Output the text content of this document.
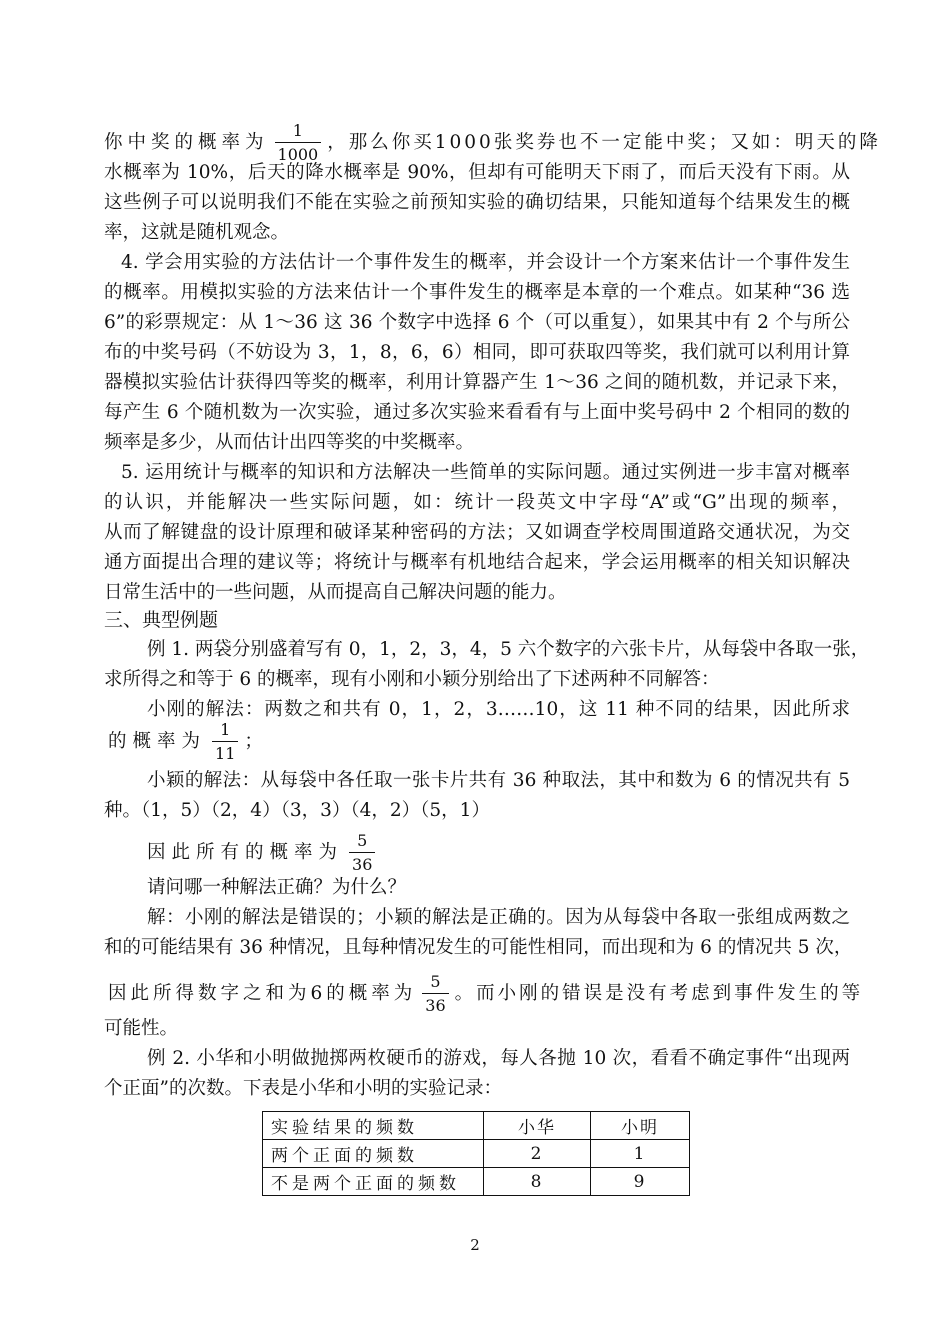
你中奖的概率为 $\frac{1}{1000}$ ，那么你买1000张奖券也不一定能中奖；又如：明天的降
水概率为 10%，后天的降水概率是 90%，但却有可能明天下雨了，而后天没有下雨。从
这些例子可以说明我们不能在实验之前预知实验的确切结果，只能知道每个结果发生的概
率，这就是随机观念。
4. 学会用实验的方法估计一个事件发生的概率，并会设计一个方案来估计一个事件发生
的概率。用模拟实验的方法来估计一个事件发生的概率是本章的一个难点。如某种“36 选
6”的彩票规定：从 1～36 这 36 个数字中选择 6 个（可以重复），如果其中有 2 个与所公
布的中奖号码（不妨设为 3，1，8，6，6）相同，即可获取四等奖，我们就可以利用计算
器模拟实验估计获得四等奖的概率，利用计算器产生 1～36 之间的随机数，并记录下来，
每产生 6 个随机数为一次实验，通过多次实验来看看有与上面中奖号码中 2 个相同的数的
频率是多少，从而估计出四等奖的中奖概率。
5. 运用统计与概率的知识和方法解决一些简单的实际问题。通过实例进一步丰富对概率
的认识，并能解决一些实际问题，如：统计一段英文中字母“A”或“G”出现的频率，
从而了解键盘的设计原理和破译某种密码的方法；又如调查学校周围道路交通状况，为交
通方面提出合理的建议等；将统计与概率有机地结合起来，学会运用概率的相关知识解决
日常生活中的一些问题，从而提高自己解决问题的能力。
三、典型例题
例 1. 两袋分别盛着写有 0，1，2，3，4，5 六个数字的六张卡片，从每袋中各取一张，
求所得之和等于 6 的概率，现有小刚和小颖分别给出了下述两种不同解答：
小刚的解法：两数之和共有 0，1，2，3……10，这 11 种不同的结果，因此所求
的概率为 $\frac{1}{11}$ ；
小颖的解法：从每袋中各任取一张卡片共有 36 种取法，其中和数为 6 的情况共有 5
种。（1，5）（2，4）（3，3）（4，2）（5，1）
因此所有的概率为 $\frac{5}{36}$
请问哪一种解法正确？为什么？
解：小刚的解法是错误的；小颖的解法是正确的。因为从每袋中各取一张组成两数之
和的可能结果有 36 种情况，且每种情况发生的可能性相同，而出现和为 6 的情况共 5 次，
因此所得数字之和为6的概率为 $\frac{5}{36}$ 。而小刚的错误是没有考虑到事件发生的等
可能性。
例 2. 小华和小明做抛掷两枚硬币的游戏，每人各抛 10 次，看看不确定事件“出现两
个正面”的次数。下表是小华和小明的实验记录：
实验结果的频数	小华	小明
两个正面的频数	2	1
不是两个正面的频数	8	9
2
